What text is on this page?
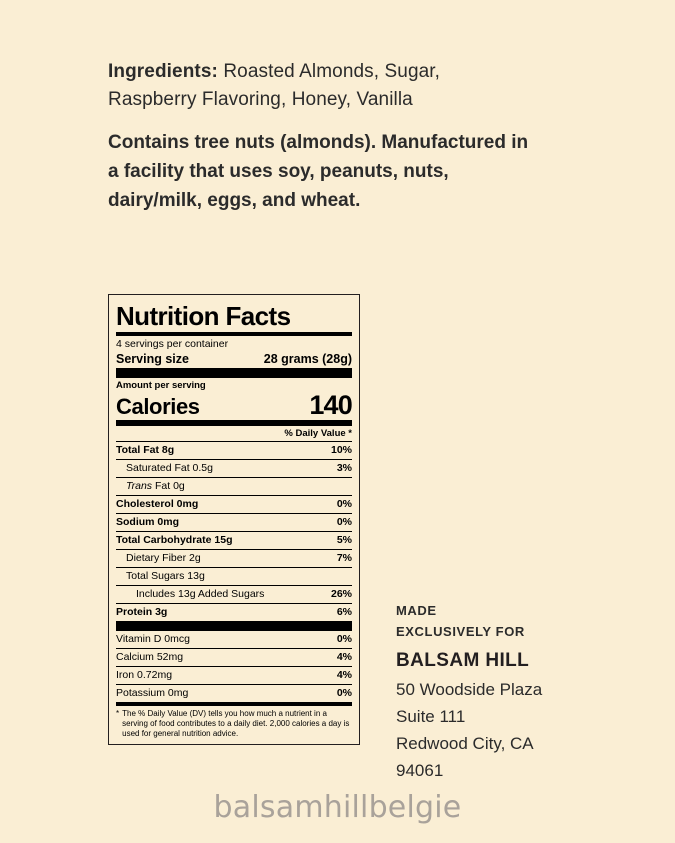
Ingredients: Roasted Almonds, Sugar,
Raspberry Flavoring, Honey, Vanilla
Contains tree nuts (almonds). Manufactured in
a facility that uses soy, peanuts, nuts,
dairy/milk, eggs, and wheat.
Nutrition Facts
4 servings per container
Serving size	28 grams (28g)
Amount per serving
Calories	140
% Daily Value *
Total Fat 8g	10%
Saturated Fat 0.5g	3%
Trans Fat 0g
Cholesterol 0mg	0%
Sodium 0mg	0%
Total Carbohydrate 15g	5%
Dietary Fiber 2g	7%
Total Sugars 13g
Includes 13g Added Sugars	26%
Protein 3g	6%
Vitamin D 0mcg	0%
Calcium 52mg	4%
Iron 0.72mg	4%
Potassium 0mg	0%
* The % Daily Value (DV) tells you how much a nutrient in a serving of food contributes to a daily diet. 2,000 calories a day is used for general nutrition advice.
MADE
EXCLUSIVELY FOR
BALSAM HILL
50 Woodside Plaza
Suite 111
Redwood City, CA
94061
balsamhillbelgie
